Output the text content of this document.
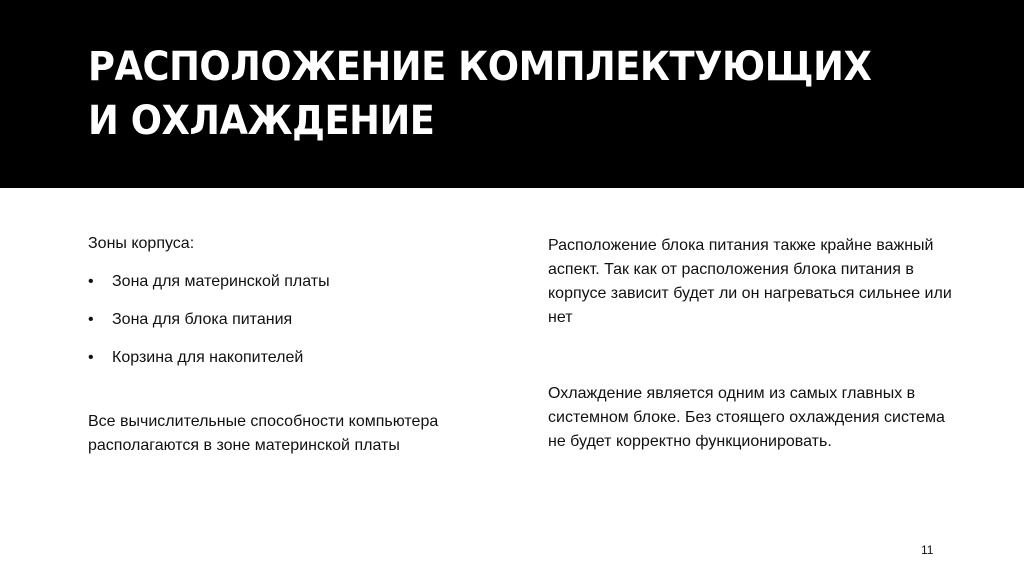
РАСПОЛОЖЕНИЕ КОМПЛЕКТУЮЩИХ И ОХЛАЖДЕНИЕ

Зоны корпуса:

• Зона для материнской платы
• Зона для блока питания
• Корзина для накопителей

Все вычислительные способности компьютера располагаются в зоне материнской платы

Расположение блока питания также крайне важный аспект. Так как от расположения блока питания в корпусе зависит будет ли он нагреваться сильнее или нет

Охлаждение является одним из самых главных в системном блоке. Без стоящего охлаждения система не будет корректно функционировать.

11
